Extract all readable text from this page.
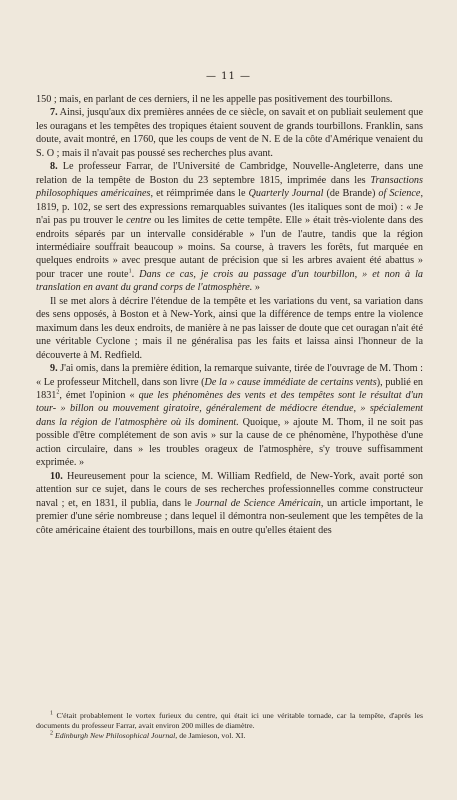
— 11 —

150 ; mais, en parlant de ces derniers, il ne les appelle pas positivement des tourbillons.

7. Ainsi, jusqu'aux dix premières années de ce siècle, on savait et on publiait seulement que les ouragans et les tempêtes des tropiques étaient souvent de grands tourbillons. Franklin, sans doute, avait montré, en 1760, que les coups de vent de N. E de la côte d'Amérique venaient du S. O ; mais il n'avait pas poussé ses recherches plus avant.

8. Le professeur Farrar, de l'Université de Cambridge, Nouvelle-Angleterre, dans une relation de la tempête de Boston du 23 septembre 1815, imprimée dans les Transactions philosophiques américaines, et réimprimée dans le Quarterly Journal (de Brande) of Science, 1819, p. 102, se sert des expressions remarquables suivantes (les italiques sont de moi) : « Je n'ai pas pu trouver le centre ou les limites de cette tempête. Elle » était très-violente dans des endroits séparés par un intervalle considérable » l'un de l'autre, tandis que la région intermédiaire souffrait beaucoup » moins. Sa course, à travers les forêts, fut marquée en quelques endroits » avec presque autant de précision que si les arbres avaient été abattus » pour tracer une route$^1$. Dans ce cas, je crois au passage d'un tourbillon, » et non à la translation en avant du grand corps de l'atmosphère. »

Il se met alors à décrire l'étendue de la tempête et les variations du vent, sa variation dans des sens opposés, à Boston et à New-York, ainsi que la différence de temps entre la violence maximum dans les deux endroits, de manière à ne pas laisser de doute que cet ouragan n'ait été une véritable Cyclone ; mais il ne généralisa pas les faits et laissa ainsi l'honneur de la découverte à M. Redfield.

9. J'ai omis, dans la première édition, la remarque suivante, tirée de l'ouvrage de M. Thom : « Le professeur Mitchell, dans son livre (De la » cause immédiate de certains vents), publié en 1831$^2$, émet l'opinion « que les phénomènes des vents et des tempêtes sont le résultat d'un tour- » billon ou mouvement giratoire, généralement de médiocre étendue, » spécialement dans la région de l'atmosphère où ils dominent. Quoique, » ajoute M. Thom, il ne soit pas possible d'être complétement de son avis » sur la cause de ce phénomène, l'hypothèse d'une action circulaire, dans » les troubles orageux de l'atmosphère, s'y trouve suffisamment exprimée. »

10. Heureusement pour la science, M. William Redfield, de New-York, avait porté son attention sur ce sujet, dans le cours de ses recherches professionnelles comme constructeur naval ; et, en 1831, il publia, dans le Journal de Science Américain, un article important, le premier d'une série nombreuse ; dans lequel il démontra non-seulement que les tempêtes de la côte américaine étaient des tourbillons, mais en outre qu'elles étaient des

$^1$ C'était probablement le vortex furieux du centre, qui était ici une véritable tornade, car la tempête, d'après les documents du professeur Farrar, avait environ 200 milles de diamètre.

$^2$ Edinburgh New Philosophical Journal, de Jamieson, vol. XI.
